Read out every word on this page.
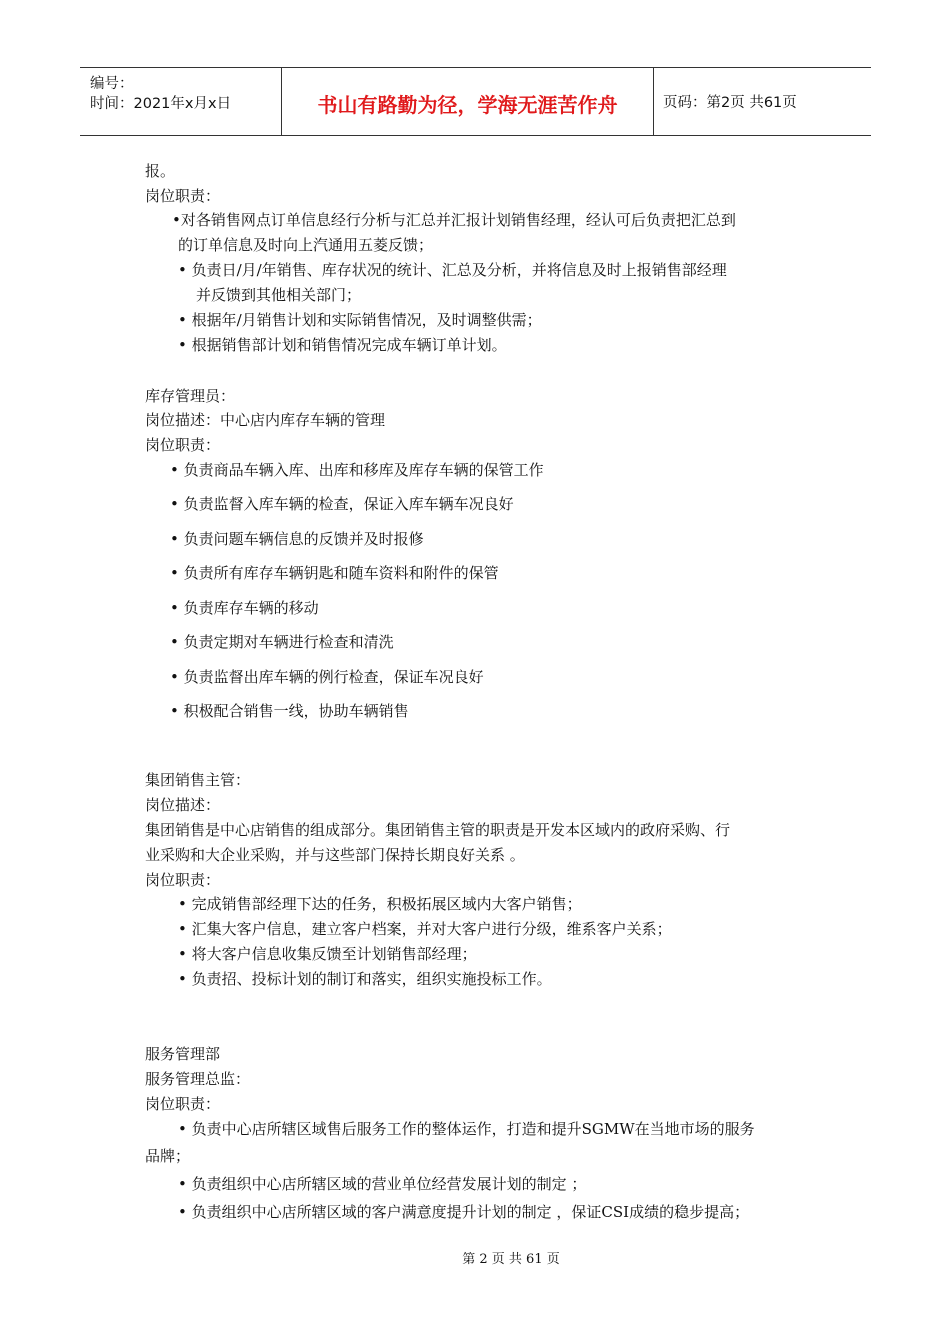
编号：
时间：2021年x月x日	书山有路勤为径，学海无涯苦作舟	页码：第2页 共61页
报。
岗位职责：
•对各销售网点订单信息经行分析与汇总并汇报计划销售经理，经认可后负责把汇总到
的订单信息及时向上汽通用五菱反馈；
• 负责日/月/年销售、库存状况的统计、汇总及分析，并将信息及时上报销售部经理
并反馈到其他相关部门；
• 根据年/月销售计划和实际销售情况，及时调整供需；
• 根据销售部计划和销售情况完成车辆订单计划。
库存管理员：
岗位描述：中心店内库存车辆的管理
岗位职责：
• 负责商品车辆入库、出库和移库及库存车辆的保管工作
• 负责监督入库车辆的检查，保证入库车辆车况良好
• 负责问题车辆信息的反馈并及时报修
• 负责所有库存车辆钥匙和随车资料和附件的保管
• 负责库存车辆的移动
• 负责定期对车辆进行检查和清洗
• 负责监督出库车辆的例行检查，保证车况良好
• 积极配合销售一线，协助车辆销售
集团销售主管：
岗位描述：
集团销售是中心店销售的组成部分。集团销售主管的职责是开发本区域内的政府采购、行
业采购和大企业采购，并与这些部门保持长期良好关系 。
岗位职责：
• 完成销售部经理下达的任务，积极拓展区域内大客户销售；
• 汇集大客户信息，建立客户档案，并对大客户进行分级，维系客户关系；
• 将大客户信息收集反馈至计划销售部经理；
• 负责招、投标计划的制订和落实，组织实施投标工作。
服务管理部
服务管理总监：
岗位职责：
• 负责中心店所辖区域售后服务工作的整体运作，打造和提升SGMW在当地市场的服务
品牌；
• 负责组织中心店所辖区域的营业单位经营发展计划的制定 ；
• 负责组织中心店所辖区域的客户满意度提升计划的制定 ，保证CSI成绩的稳步提高；
第 2 页 共 61 页
